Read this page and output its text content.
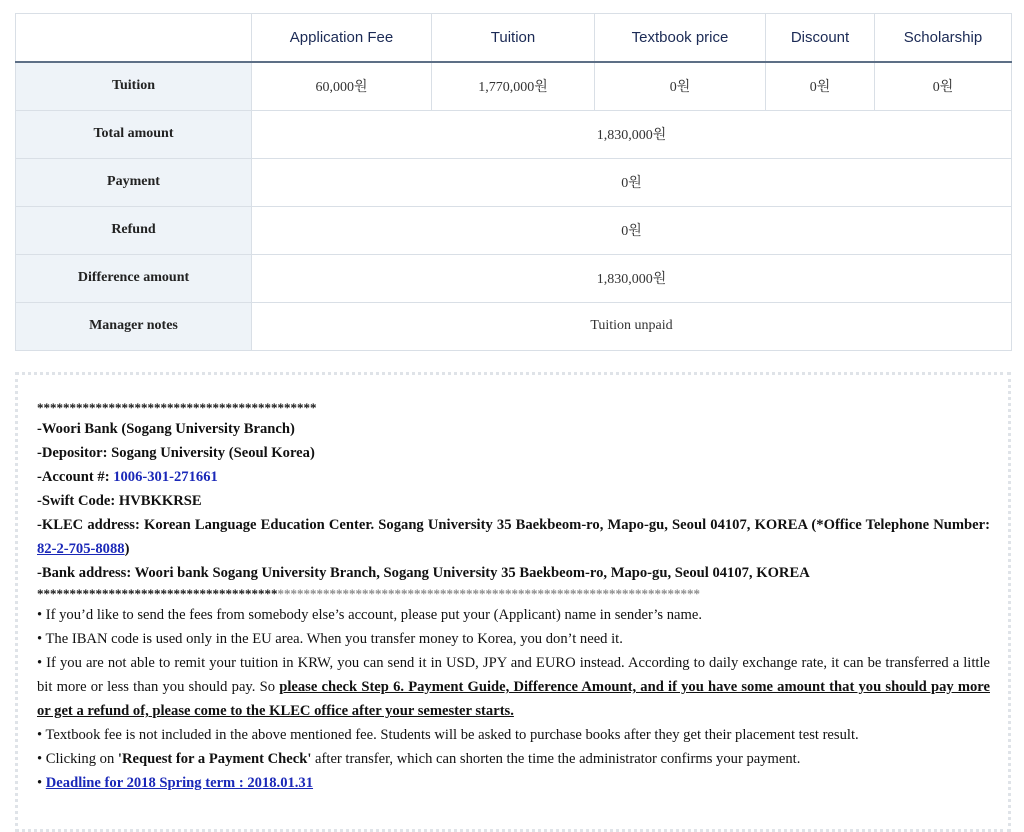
	Application Fee	Tuition	Textbook price	Discount	Scholarship
Tuition	60,000원	1,770,000원	0원	0원	0원
Total amount	1,830,000원				
Payment	0원				
Refund	0원				
Difference amount	1,830,000원				
Manager notes	Tuition unpaid				

*******************************************

-Woori Bank (Sogang University Branch)

-Depositor: Sogang University (Seoul Korea)

-Account #: 1006-301-271661

-Swift Code: HVBKKRSE

-KLEC address: Korean Language Education Center. Sogang University 35 Baekbeom-ro, Mapo-gu, Seoul 04107, KOREA (*Office Telephone Number: 82-2-705-8088)

-Bank address: Woori bank Sogang University Branch, Sogang University 35 Baekbeom-ro, Mapo-gu, Seoul 04107, KOREA

******************************************************************************************************

• If you’d like to send the fees from somebody else’s account, please put your (Applicant) name in sender’s name.

• The IBAN code is used only in the EU area. When you transfer money to Korea, you don’t need it.

• If you are not able to remit your tuition in KRW, you can send it in USD, JPY and EURO instead. According to daily exchange rate, it can be transferred a little bit more or less than you should pay. So please check Step 6. Payment Guide, Difference Amount, and if you have some amount that you should pay more or get a refund of, please come to the KLEC office after your semester starts.

• Textbook fee is not included in the above mentioned fee. Students will be asked to purchase books after they get their placement test result.

• Clicking on 'Request for a Payment Check' after transfer, which can shorten the time the administrator confirms your payment.

• Deadline for 2018 Spring term : 2018.01.31
